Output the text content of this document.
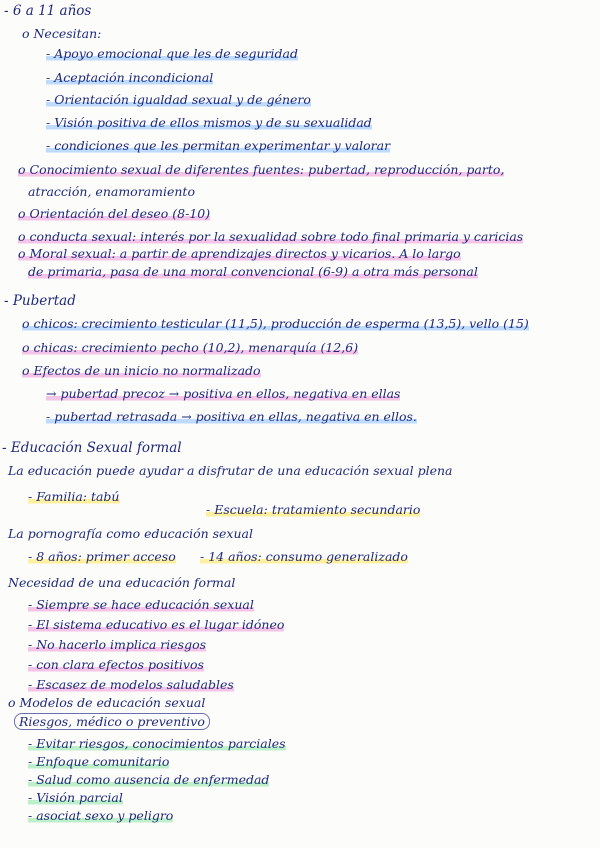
- 6 a 11 años
o Necesitan:
- Apoyo emocional que les de seguridad
- Aceptación incondicional
- Orientación igualdad sexual y de género
- Visión positiva de ellos mismos y de su sexualidad
- condiciones que les permitan experimentar y valorar
o Conocimiento sexual de diferentes fuentes: pubertad, reproducción, parto,
atracción, enamoramiento
o Orientación del deseo (8-10)
o conducta sexual: interés por la sexualidad sobre todo final primaria y caricias
o Moral sexual: a partir de aprendizajes directos y vicarios. A lo largo
de primaria, pasa de una moral convencional (6-9) a otra más personal
- Pubertad
o chicos: crecimiento testicular (11,5), producción de esperma (13,5), vello (15)
o chicas: crecimiento pecho (10,2), menarquía (12,6)
o Efectos de un inicio no normalizado
→ pubertad precoz → positiva en ellos, negativa en ellas
- pubertad retrasada → positiva en ellas, negativa en ellos.
- Educación Sexual formal
La educación puede ayudar a disfrutar de una educación sexual plena
- Familia: tabú
- Escuela: tratamiento secundario
La pornografía como educación sexual
- 8 años: primer acceso - 14 años: consumo generalizado
Necesidad de una educación formal
- Siempre se hace educación sexual
- El sistema educativo es el lugar idóneo
- No hacerlo implica riesgos
- con clara efectos positivos
- Escasez de modelos saludables
o Modelos de educación sexual
Riesgos, médico o preventivo
- Evitar riesgos, conocimientos parciales
- Enfoque comunitario
- Salud como ausencia de enfermedad
- Visión parcial
- asociat sexo y peligro
